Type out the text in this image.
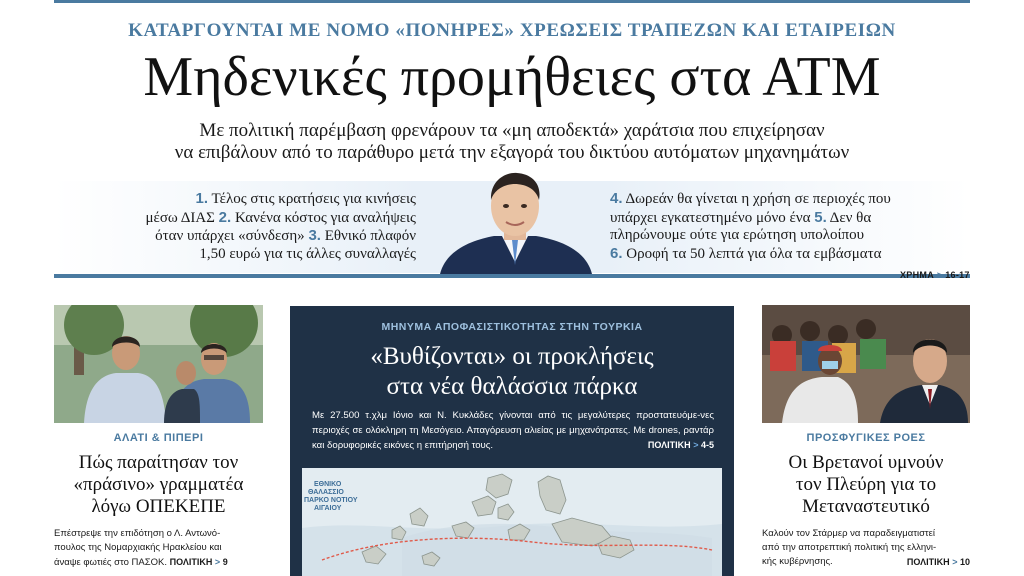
ΚΑΤΑΡΓΟΥΝΤΑΙ ΜΕ ΝΟΜΟ «ΠΟΝΗΡΕΣ» ΧΡΕΩΣΕΙΣ ΤΡΑΠΕΖΩΝ ΚΑΙ ΕΤΑΙΡΕΙΩΝ
Μηδενικές προμήθειες στα ΑΤΜ
Με πολιτική παρέμβαση φρενάρουν τα «μη αποδεκτά» χαράτσια που επιχείρησαν
να επιβάλουν από το παράθυρο μετά την εξαγορά του δικτύου αυτόματων μηχανημάτων
1. Τέλος στις κρατήσεις για κινήσεις
μέσω ΔΙΑΣ 2. Κανένα κόστος για αναλήψεις
όταν υπάρχει «σύνδεση» 3. Εθνικό πλαφόν
1,50 ευρώ για τις άλλες συναλλαγές
4. Δωρεάν θα γίνεται η χρήση σε περιοχές που
υπάρχει εγκατεστημένο μόνο ένα 5. Δεν θα
πληρώνουμε ούτε για ερώτηση υπολοίπου
6. Οροφή τα 50 λεπτά για όλα τα εμβάσματα
ΧΡΗΜΑ > 16-17
ΑΛΑΤΙ & ΠΙΠΕΡΙ
Πώς παραίτησαν τον
«πράσινο» γραμματέα
λόγω ΟΠΕΚΕΠΕ
Επέστρεψε την επιδότηση ο Λ. Αντωνό-
πουλος της Νομαρχιακής Ηρακλείου και
άναψε φωτιές στο ΠΑΣΟΚ. ΠΟΛΙΤΙΚΗ > 9
ΜΗΝΥΜΑ ΑΠΟΦΑΣΙΣΤΙΚΟΤΗΤΑΣ ΣΤΗΝ ΤΟΥΡΚΙΑ
«Βυθίζονται» οι προκλήσεις
στα νέα θαλάσσια πάρκα
Με 27.500 τ.χλμ Ιόνιο και Ν. Κυκλάδες γίνονται από τις μεγαλύτερες προστατευόμε-νες περιοχές σε ολόκληρη τη Μεσόγειο. Απαγόρευση αλιείας με μηχανότρατες. Με drones, ραντάρ και δορυφορικές εικόνες η επιτήρησή τους.	ΠΟΛΙΤΙΚΗ > 4-5
ΕΘΝΙΚΟ
ΘΑΛΑΣΣΙΟ
ΠΑΡΚΟ ΝΟΤΙΟΥ
ΑΙΓΑΙΟΥ
ΠΡΟΣΦΥΓΙΚΕΣ ΡΟΕΣ
Οι Βρετανοί υμνούν
τον Πλεύρη για το
Μεταναστευτικό
Καλούν τον Στάρμερ να παραδειγματιστεί
από την αποτρεπτική πολιτική της ελληνι-
κής κυβέρνησης.	ΠΟΛΙΤΙΚΗ > 10
